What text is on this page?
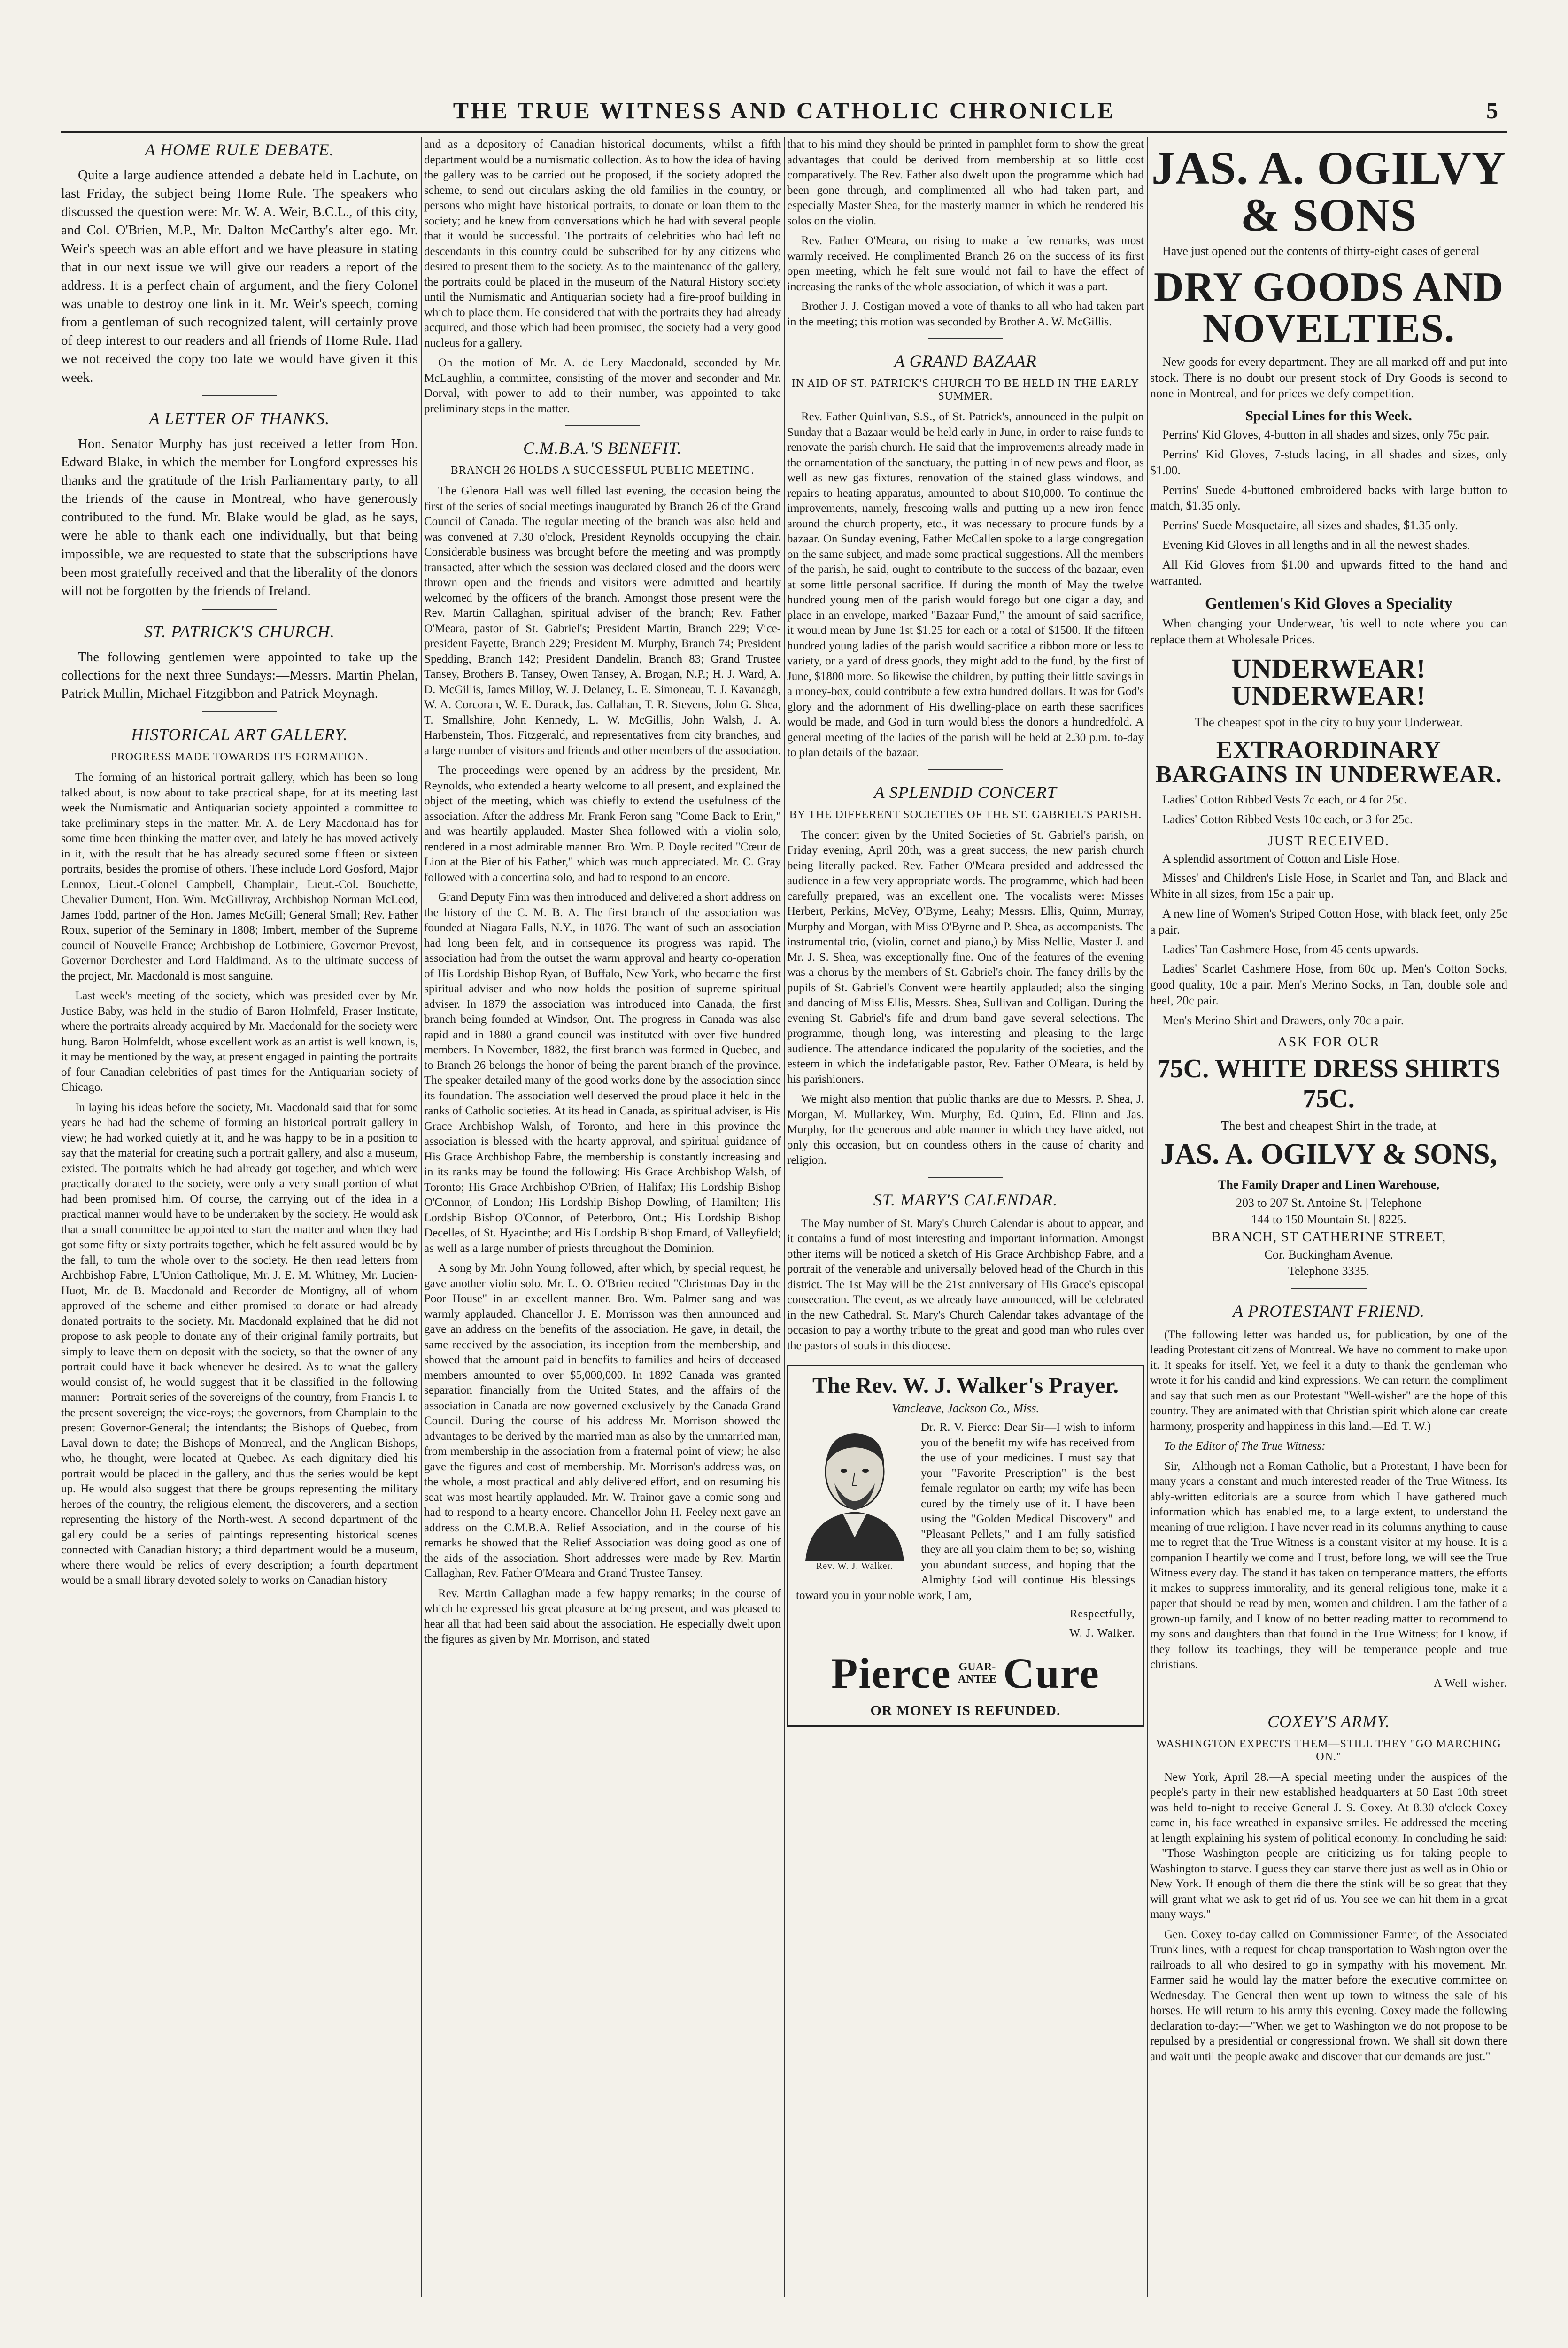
THE TRUE WITNESS AND CATHOLIC CHRONICLE	5
A HOME RULE DEBATE.

Quite a large audience attended a debate held in Lachute, on last Friday, the subject being Home Rule. The speakers who discussed the question were: Mr. W. A. Weir, B.C.L., of this city, and Col. O'Brien, M.P., Mr. Dalton McCarthy's alter ego. Mr. Weir's speech was an able effort and we have pleasure in stating that in our next issue we will give our readers a report of the address. It is a perfect chain of argument, and the fiery Colonel was unable to destroy one link in it. Mr. Weir's speech, coming from a gentleman of such recognized talent, will certainly prove of deep interest to our readers and all friends of Home Rule. Had we not received the copy too late we would have given it this week.

A LETTER OF THANKS.

Hon. Senator Murphy has just received a letter from Hon. Edward Blake, in which the member for Longford expresses his thanks and the gratitude of the Irish Parliamentary party, to all the friends of the cause in Montreal, who have generously contributed to the fund. Mr. Blake would be glad, as he says, were he able to thank each one individually, but that being impossible, we are requested to state that the subscriptions have been most gratefully received and that the liberality of the donors will not be forgotten by the friends of Ireland.

ST. PATRICK'S CHURCH.

The following gentlemen were appointed to take up the collections for the next three Sundays:—Messrs. Martin Phelan, Patrick Mullin, Michael Fitzgibbon and Patrick Moynagh.

HISTORICAL ART GALLERY.
PROGRESS MADE TOWARDS ITS FORMATION.

The forming of an historical portrait gallery, which has been so long talked about, is now about to take practical shape, for at its meeting last week the Numismatic and Antiquarian society appointed a committee to take preliminary steps in the matter. Mr. A. de Lery Macdonald has for some time been thinking the matter over, and lately he has moved actively in it, with the result that he has already secured some fifteen or sixteen portraits, besides the promise of others. These include Lord Gosford, Major Lennox, Lieut.-Colonel Campbell, Champlain, Lieut.-Col. Bouchette, Chevalier Dumont, Hon. Wm. McGillivray, Archbishop Norman McLeod, James Todd, partner of the Hon. James McGill; General Small; Rev. Father Roux, superior of the Seminary in 1808; Imbert, member of the Supreme council of Nouvelle France; Archbishop de Lotbiniere, Governor Prevost, Governor Dorchester and Lord Haldimand. As to the ultimate success of the project, Mr. Macdonald is most sanguine.

Last week's meeting of the society, which was presided over by Mr. Justice Baby, was held in the studio of Baron Holmfeld, Fraser Institute, where the portraits already acquired by Mr. Macdonald for the society were hung. Baron Holmfeldt, whose excellent work as an artist is well known, is, it may be mentioned by the way, at present engaged in painting the portraits of four Canadian celebrities of past times for the Antiquarian society of Chicago.

In laying his ideas before the society, Mr. Macdonald said that for some years he had had the scheme of forming an historical portrait gallery in view; he had worked quietly at it, and he was happy to be in a position to say that the material for creating such a portrait gallery, and also a museum, existed. The portraits which he had already got together, and which were practically donated to the society, were only a very small portion of what had been promised him. Of course, the carrying out of the idea in a practical manner would have to be undertaken by the society. He would ask that a small committee be appointed to start the matter and when they had got some fifty or sixty portraits together, which he felt assured would be by the fall, to turn the whole over to the society. He then read letters from Archbishop Fabre, L'Union Catholique, Mr. J. E. M. Whitney, Mr. Lucien-Huot, Mr. de B. Macdonald and Recorder de Montigny, all of whom approved of the scheme and either promised to donate or had already donated portraits to the society. Mr. Macdonald explained that he did not propose to ask people to donate any of their original family portraits, but simply to leave them on deposit with the society, so that the owner of any portrait could have it back whenever he desired. As to what the gallery would consist of, he would suggest that it be classified in the following manner:—Portrait series of the sovereigns of the country, from Francis I. to the present sovereign; the vice-roys; the governors, from Champlain to the present Governor-General; the intendants; the Bishops of Quebec, from Laval down to date; the Bishops of Montreal, and the Anglican Bishops, who, he thought, were located at Quebec. As each dignitary died his portrait would be placed in the gallery, and thus the series would be kept up. He would also suggest that there be groups representing the military heroes of the country, the religious element, the discoverers, and a section representing the history of the North-west. A second department of the gallery could be a series of paintings representing historical scenes connected with Canadian history; a third department would be a museum, where there would be relics of every description; a fourth department would be a small library devoted solely to works on Canadian history

and as a depository of Canadian historical documents, whilst a fifth department would be a numismatic collection. As to how the idea of having the gallery was to be carried out he proposed, if the society adopted the scheme, to send out circulars asking the old families in the country, or persons who might have historical portraits, to donate or loan them to the society; and he knew from conversations which he had with several people that it would be successful. The portraits of celebrities who had left no descendants in this country could be subscribed for by any citizens who desired to present them to the society. As to the maintenance of the gallery, the portraits could be placed in the museum of the Natural History society until the Numismatic and Antiquarian society had a fire-proof building in which to place them. He considered that with the portraits they had already acquired, and those which had been promised, the society had a very good nucleus for a gallery.

On the motion of Mr. A. de Lery Macdonald, seconded by Mr. McLaughlin, a committee, consisting of the mover and seconder and Mr. Dorval, with power to add to their number, was appointed to take preliminary steps in the matter.

C.M.B.A.'S BENEFIT.
BRANCH 26 HOLDS A SUCCESSFUL PUBLIC MEETING.

The Glenora Hall was well filled last evening, the occasion being the first of the series of social meetings inaugurated by Branch 26 of the Grand Council of Canada. The regular meeting of the branch was also held and was convened at 7.30 o'clock, President Reynolds occupying the chair. Considerable business was brought before the meeting and was promptly transacted, after which the session was declared closed and the doors were thrown open and the friends and visitors were admitted and heartily welcomed by the officers of the branch. Amongst those present were the Rev. Martin Callaghan, spiritual adviser of the branch; Rev. Father O'Meara, pastor of St. Gabriel's; President Martin, Branch 229; Vice-president Fayette, Branch 229; President M. Murphy, Branch 74; President Spedding, Branch 142; President Dandelin, Branch 83; Grand Trustee Tansey, Brothers B. Tansey, Owen Tansey, A. Brogan, N.P.; H. J. Ward, A. D. McGillis, James Milloy, W. J. Delaney, L. E. Simoneau, T. J. Kavanagh, W. A. Corcoran, W. E. Durack, Jas. Callahan, T. R. Stevens, John G. Shea, T. Smallshire, John Kennedy, L. W. McGillis, John Walsh, J. A. Harbenstein, Thos. Fitzgerald, and representatives from city branches, and a large number of visitors and friends and other members of the association.

The proceedings were opened by an address by the president, Mr. Reynolds, who extended a hearty welcome to all present, and explained the object of the meeting, which was chiefly to extend the usefulness of the association. After the address Mr. Frank Feron sang "Come Back to Erin," and was heartily applauded. Master Shea followed with a violin solo, rendered in a most admirable manner. Bro. Wm. P. Doyle recited "Cœur de Lion at the Bier of his Father," which was much appreciated. Mr. C. Gray followed with a concertina solo, and had to respond to an encore.

Grand Deputy Finn was then introduced and delivered a short address on the history of the C. M. B. A. The first branch of the association was founded at Niagara Falls, N.Y., in 1876. The want of such an association had long been felt, and in consequence its progress was rapid. The association had from the outset the warm approval and hearty co-operation of His Lordship Bishop Ryan, of Buffalo, New York, who became the first spiritual adviser and who now holds the position of supreme spiritual adviser. In 1879 the association was introduced into Canada, the first branch being founded at Windsor, Ont. The progress in Canada was also rapid and in 1880 a grand council was instituted with over five hundred members. In November, 1882, the first branch was formed in Quebec, and to Branch 26 belongs the honor of being the parent branch of the province. The speaker detailed many of the good works done by the association since its foundation. The association well deserved the proud place it held in the ranks of Catholic societies. At its head in Canada, as spiritual adviser, is His Grace Archbishop Walsh, of Toronto, and here in this province the association is blessed with the hearty approval, and spiritual guidance of His Grace Archbishop Fabre, the membership is constantly increasing and in its ranks may be found the following: His Grace Archbishop Walsh, of Toronto; His Grace Archbishop O'Brien, of Halifax; His Lordship Bishop O'Connor, of London; His Lordship Bishop Dowling, of Hamilton; His Lordship Bishop O'Connor, of Peterboro, Ont.; His Lordship Bishop Decelles, of St. Hyacinthe; and His Lordship Bishop Emard, of Valleyfield; as well as a large number of priests throughout the Dominion.

A song by Mr. John Young followed, after which, by special request, he gave another violin solo. Mr. L. O. O'Brien recited "Christmas Day in the Poor House" in an excellent manner. Bro. Wm. Palmer sang and was warmly applauded. Chancellor J. E. Morrisson was then announced and gave an address on the benefits of the association. He gave, in detail, the same received by the association, its inception from the membership, and showed that the amount paid in benefits to families and heirs of deceased members amounted to over $5,000,000. In 1892 Canada was granted separation financially from the United States, and the affairs of the association in Canada are now governed exclusively by the Canada Grand Council. During the course of his address Mr. Morrison showed the advantages to be derived by the married man as also by the unmarried man, from membership in the association from a fraternal point of view; he also gave the figures and cost of membership. Mr. Morrison's address was, on the whole, a most practical and ably delivered effort, and on resuming his seat was most heartily applauded. Mr. W. Trainor gave a comic song and had to respond to a hearty encore. Chancellor John H. Feeley next gave an address on the C.M.B.A. Relief Association, and in the course of his remarks he showed that the Relief Association was doing good as one of the aids of the association. Short addresses were made by Rev. Martin Callaghan, Rev. Father O'Meara and Grand Trustee Tansey.

Rev. Martin Callaghan made a few happy remarks; in the course of which he expressed his great pleasure at being present, and was pleased to hear all that had been said about the association. He especially dwelt upon the figures as given by Mr. Morrison, and stated

that to his mind they should be printed in pamphlet form to show the great advantages that could be derived from membership at so little cost comparatively. The Rev. Father also dwelt upon the programme which had been gone through, and complimented all who had taken part, and especially Master Shea, for the masterly manner in which he rendered his solos on the violin.

Rev. Father O'Meara, on rising to make a few remarks, was most warmly received. He complimented Branch 26 on the success of its first open meeting, which he felt sure would not fail to have the effect of increasing the ranks of the whole association, of which it was a part.

Brother J. J. Costigan moved a vote of thanks to all who had taken part in the meeting; this motion was seconded by Brother A. W. McGillis.

A GRAND BAZAAR
IN AID OF ST. PATRICK'S CHURCH TO BE HELD IN THE EARLY SUMMER.

Rev. Father Quinlivan, S.S., of St. Patrick's, announced in the pulpit on Sunday that a Bazaar would be held early in June, in order to raise funds to renovate the parish church. He said that the improvements already made in the ornamentation of the sanctuary, the putting in of new pews and floor, as well as new gas fixtures, renovation of the stained glass windows, and repairs to heating apparatus, amounted to about $10,000. To continue the improvements, namely, frescoing walls and putting up a new iron fence around the church property, etc., it was necessary to procure funds by a bazaar. On Sunday evening, Father McCallen spoke to a large congregation on the same subject, and made some practical suggestions. All the members of the parish, he said, ought to contribute to the success of the bazaar, even at some little personal sacrifice. If during the month of May the twelve hundred young men of the parish would forego but one cigar a day, and place in an envelope, marked "Bazaar Fund," the amount of said sacrifice, it would mean by June 1st $1.25 for each or a total of $1500. If the fifteen hundred young ladies of the parish would sacrifice a ribbon more or less to variety, or a yard of dress goods, they might add to the fund, by the first of June, $1800 more. So likewise the children, by putting their little savings in a money-box, could contribute a few extra hundred dollars. It was for God's glory and the adornment of His dwelling-place on earth these sacrifices would be made, and God in turn would bless the donors a hundredfold. A general meeting of the ladies of the parish will be held at 2.30 p.m. to-day to plan details of the bazaar.

A SPLENDID CONCERT
BY THE DIFFERENT SOCIETIES OF THE ST. GABRIEL'S PARISH.

The concert given by the United Societies of St. Gabriel's parish, on Friday evening, April 20th, was a great success, the new parish church being literally packed. Rev. Father O'Meara presided and addressed the audience in a few very appropriate words. The programme, which had been carefully prepared, was an excellent one. The vocalists were: Misses Herbert, Perkins, McVey, O'Byrne, Leahy; Messrs. Ellis, Quinn, Murray, Murphy and Morgan, with Miss O'Byrne and P. Shea, as accompanists. The instrumental trio, (violin, cornet and piano,) by Miss Nellie, Master J. and Mr. J. S. Shea, was exceptionally fine. One of the features of the evening was a chorus by the members of St. Gabriel's choir. The fancy drills by the pupils of St. Gabriel's Convent were heartily applauded; also the singing and dancing of Miss Ellis, Messrs. Shea, Sullivan and Colligan. During the evening St. Gabriel's fife and drum band gave several selections. The programme, though long, was interesting and pleasing to the large audience. The attendance indicated the popularity of the societies, and the esteem in which the indefatigable pastor, Rev. Father O'Meara, is held by his parishioners.

We might also mention that public thanks are due to Messrs. P. Shea, J. Morgan, M. Mullarkey, Wm. Murphy, Ed. Quinn, Ed. Flinn and Jas. Murphy, for the generous and able manner in which they have aided, not only this occasion, but on countless others in the cause of charity and religion.

ST. MARY'S CALENDAR.

The May number of St. Mary's Church Calendar is about to appear, and it contains a fund of most interesting and important information. Amongst other items will be noticed a sketch of His Grace Archbishop Fabre, and a portrait of the venerable and universally beloved head of the Church in this district. The 1st May will be the 21st anniversary of His Grace's episcopal consecration. The event, as we already have announced, will be celebrated in the new Cathedral. St. Mary's Church Calendar takes advantage of the occasion to pay a worthy tribute to the great and good man who rules over the pastors of souls in this diocese.

The Rev. W. J. Walker's Prayer.
Vancleave, Jackson Co., Miss.
Rev. W. J. Walker.

Dr. R. V. Pierce: Dear Sir—I wish to inform you of the benefit my wife has received from the use of your medicines. I must say that your "Favorite Prescription" is the best female regulator on earth; my wife has been cured by the timely use of it. I have been using the "Golden Medical Discovery" and "Pleasant Pellets," and I am fully satisfied they are all you claim them to be; so, wishing you abundant success, and hoping that the Almighty God will continue His blessings toward you in your noble work, I am,

Respectfully,
W. J. Walker.
Pierce GUAR-
ANTEE Cure
OR MONEY IS REFUNDED.
JAS. A. OGILVY & SONS

Have just opened out the contents of thirty-eight cases of general

DRY GOODS AND NOVELTIES.

New goods for every department. They are all marked off and put into stock. There is no doubt our present stock of Dry Goods is second to none in Montreal, and for prices we defy competition.

Special Lines for this Week.

Perrins' Kid Gloves, 4-button in all shades and sizes, only 75c pair.

Perrins' Kid Gloves, 7-studs lacing, in all shades and sizes, only $1.00.

Perrins' Suede 4-buttoned embroidered backs with large button to match, $1.35 only.

Perrins' Suede Mosquetaire, all sizes and shades, $1.35 only.

Evening Kid Gloves in all lengths and in all the newest shades.

All Kid Gloves from $1.00 and upwards fitted to the hand and warranted.

Gentlemen's Kid Gloves a Speciality

When changing your Underwear, 'tis well to note where you can replace them at Wholesale Prices.

UNDERWEAR! UNDERWEAR!
The cheapest spot in the city to buy your Underwear.
EXTRAORDINARY BARGAINS IN UNDERWEAR.

Ladies' Cotton Ribbed Vests 7c each, or 4 for 25c.

Ladies' Cotton Ribbed Vests 10c each, or 3 for 25c.

JUST RECEIVED.

A splendid assortment of Cotton and Lisle Hose.

Misses' and Children's Lisle Hose, in Scarlet and Tan, and Black and White in all sizes, from 15c a pair up.

A new line of Women's Striped Cotton Hose, with black feet, only 25c a pair.

Ladies' Tan Cashmere Hose, from 45 cents upwards.

Ladies' Scarlet Cashmere Hose, from 60c up. Men's Cotton Socks, good quality, 10c a pair. Men's Merino Socks, in Tan, double sole and heel, 20c pair.

Men's Merino Shirt and Drawers, only 70c a pair.

ASK FOR OUR
75C. WHITE DRESS SHIRTS 75C.
The best and cheapest Shirt in the trade, at
JAS. A. OGILVY & SONS,
The Family Draper and Linen Warehouse,
203 to 207 St. Antoine St. | Telephone
144 to 150 Mountain St. | 8225.
BRANCH, ST CATHERINE STREET,
Cor. Buckingham Avenue.
Telephone 3335.
A PROTESTANT FRIEND.

(The following letter was handed us, for publication, by one of the leading Protestant citizens of Montreal. We have no comment to make upon it. It speaks for itself. Yet, we feel it a duty to thank the gentleman who wrote it for his candid and kind expressions. We can return the compliment and say that such men as our Protestant "Well-wisher" are the hope of this country. They are animated with that Christian spirit which alone can create harmony, prosperity and happiness in this land.—Ed. T. W.)

To the Editor of The True Witness:

Sir,—Although not a Roman Catholic, but a Protestant, I have been for many years a constant and much interested reader of the True Witness. Its ably-written editorials are a source from which I have gathered much information which has enabled me, to a large extent, to understand the meaning of true religion. I have never read in its columns anything to cause me to regret that the True Witness is a constant visitor at my house. It is a companion I heartily welcome and I trust, before long, we will see the True Witness every day. The stand it has taken on temperance matters, the efforts it makes to suppress immorality, and its general religious tone, make it a paper that should be read by men, women and children. I am the father of a grown-up family, and I know of no better reading matter to recommend to my sons and daughters than that found in the True Witness; for I know, if they follow its teachings, they will be temperance people and true christians.

A Well-wisher.
COXEY'S ARMY.
WASHINGTON EXPECTS THEM—STILL THEY "GO MARCHING ON."

New York, April 28.—A special meeting under the auspices of the people's party in their new established headquarters at 50 East 10th street was held to-night to receive General J. S. Coxey. At 8.30 o'clock Coxey came in, his face wreathed in expansive smiles. He addressed the meeting at length explaining his system of political economy. In concluding he said:—"Those Washington people are criticizing us for taking people to Washington to starve. I guess they can starve there just as well as in Ohio or New York. If enough of them die there the stink will be so great that they will grant what we ask to get rid of us. You see we can hit them in a great many ways."

Gen. Coxey to-day called on Commissioner Farmer, of the Associated Trunk lines, with a request for cheap transportation to Washington over the railroads to all who desired to go in sympathy with his movement. Mr. Farmer said he would lay the matter before the executive committee on Wednesday. The General then went up town to witness the sale of his horses. He will return to his army this evening. Coxey made the following declaration to-day:—"When we get to Washington we do not propose to be repulsed by a presidential or congressional frown. We shall sit down there and wait until the people awake and discover that our demands are just."
